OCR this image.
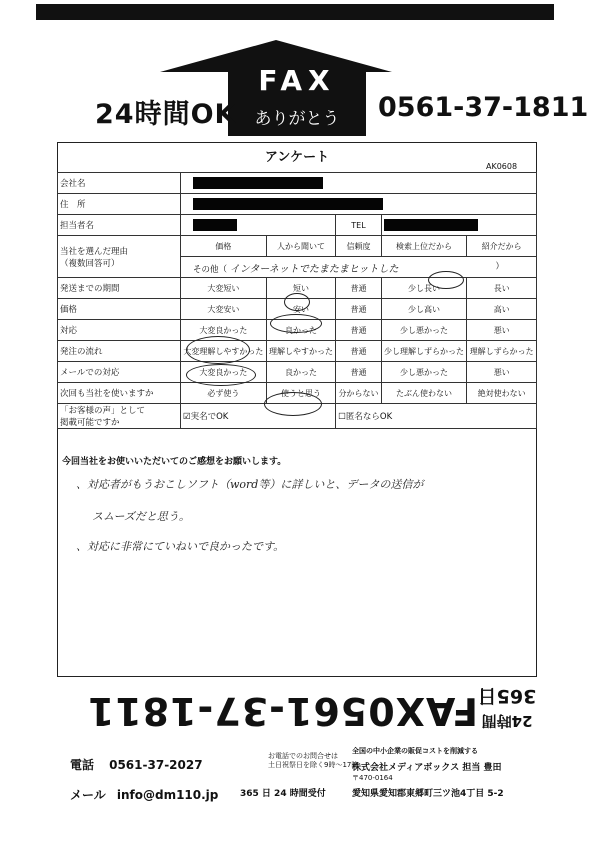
FAX
ありがとう
24時間OK	0561-37-1811
アンケート
AK0608
会社名					
住　所					
担当者名			TEL		
当社を選んだ理由
（複数回答可）	価格	人から聞いて	信頼度	検索上位だから	紹介だから
	その他（ インターネットでたまたまヒットした ）				

発送までの期間	大変短い	短い	普通	少し長い	長い
価格	大変安い	安い	普通	少し高い	高い
対応	大変良かった	良かった	普通	少し悪かった	悪い
発注の流れ	大変理解しやすかった	理解しやすかった	普通	少し理解しずらかった	理解しずらかった
メールでの対応	大変良かった	良かった	普通	少し悪かった	悪い
次回も当社を使いますか	必ず使う	使うと思う	分からない	たぶん使わない	絶対使わない
「お客様の声」として
掲載可能ですか	☑実名でOK		☐匿名ならOK		
今回当社をお使いいただいてのご感想をお願いします。
、対応者がもうおこしソフト（word等）に詳しいと、データの送信が
スムーズだと思う。
、対応に非常にていねいで良かったです。
FAX0561-37-1811 24時間
365日
電話 0561-37-2027
お電話でのお問合せは
土日祝祭日を除く9時〜17時
メール info@dm110.jp 365 日 24 時間受付
全国の中小企業の販促コストを削減する
株式会社メディアボックス 担当 豊田
〒470-0164
愛知県愛知郡東郷町三ツ池4丁目 5-2
